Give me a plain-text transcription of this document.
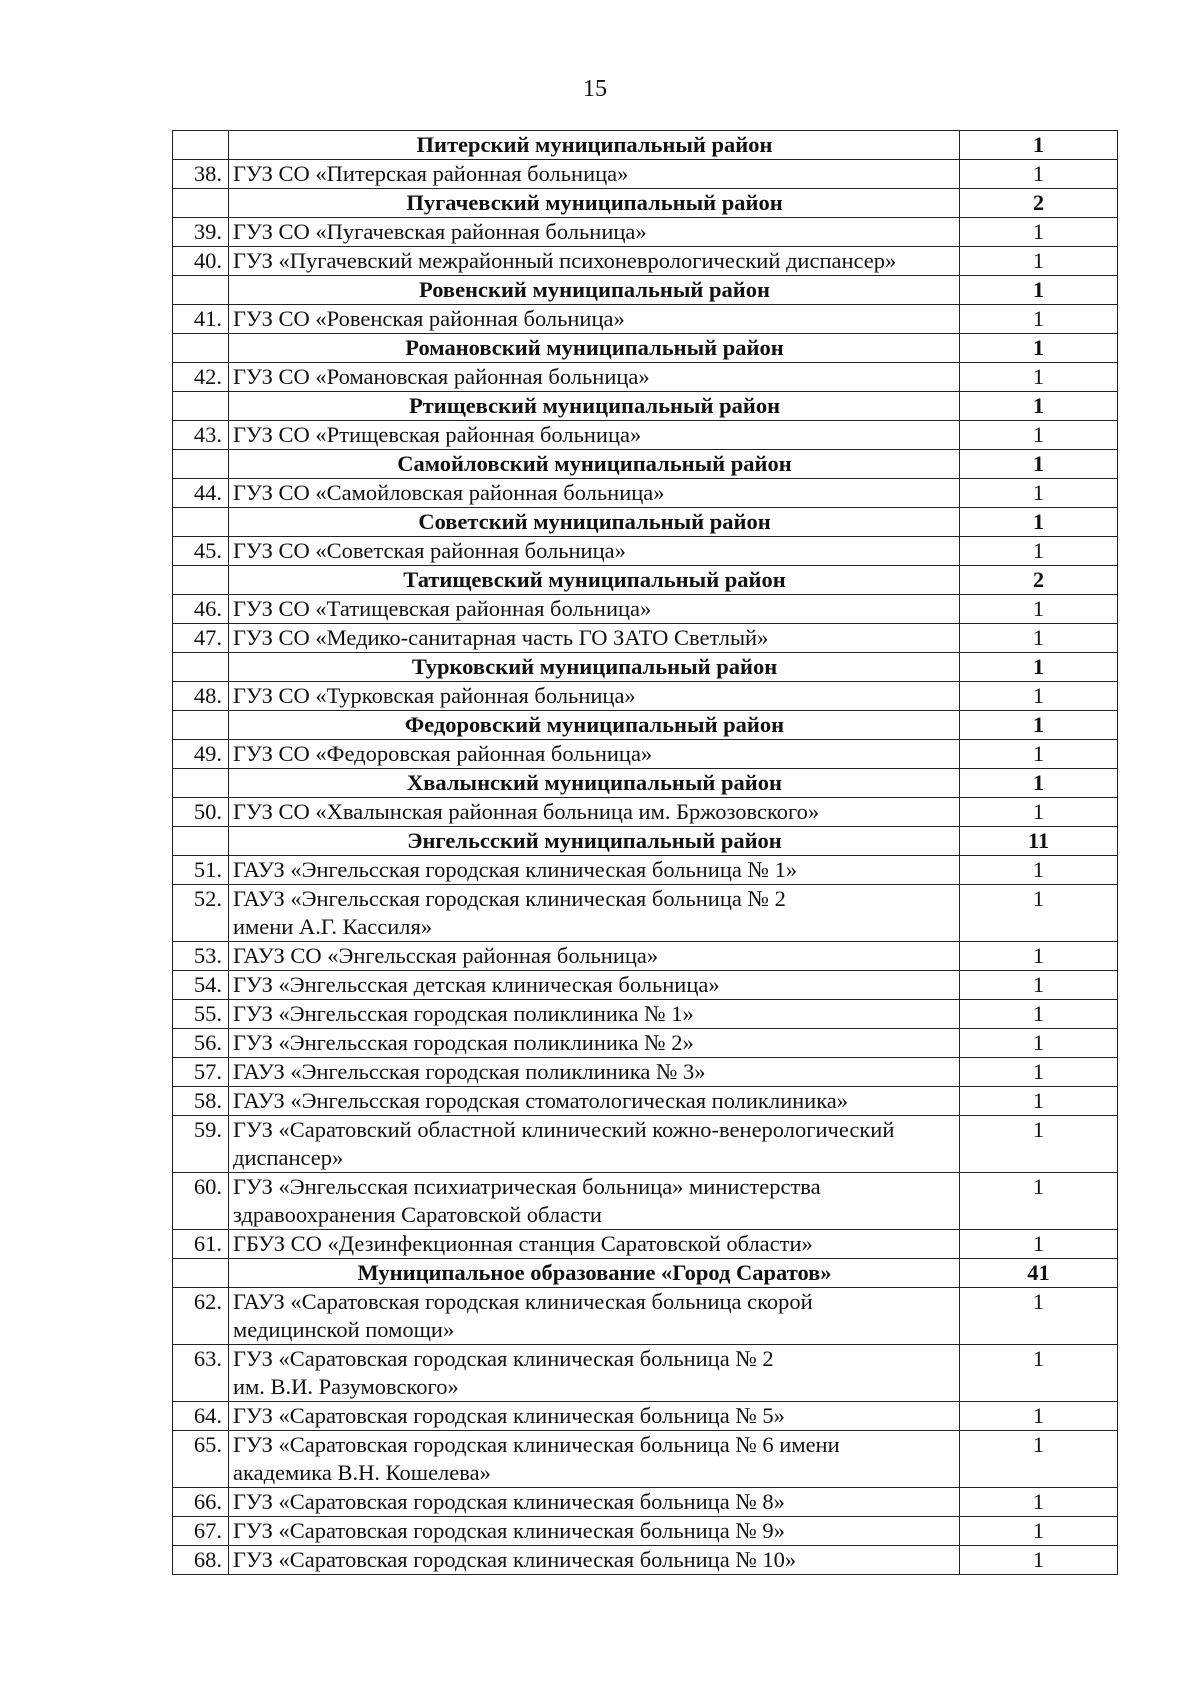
15
	Питерский муниципальный район	1
38.	ГУЗ СО «Питерская районная больница»	1
	Пугачевский муниципальный район	2
39.	ГУЗ СО «Пугачевская районная больница»	1
40.	ГУЗ «Пугачевский межрайонный психоневрологический диспансер»	1
	Ровенский муниципальный район	1
41.	ГУЗ СО «Ровенская районная больница»	1
	Романовский муниципальный район	1
42.	ГУЗ СО «Романовская районная больница»	1
	Ртищевский муниципальный район	1
43.	ГУЗ СО «Ртищевская районная больница»	1
	Самойловский муниципальный район	1
44.	ГУЗ СО «Самойловская районная больница»	1
	Советский муниципальный район	1
45.	ГУЗ СО «Советская районная больница»	1
	Татищевский муниципальный район	2
46.	ГУЗ СО «Татищевская районная больница»	1
47.	ГУЗ СО «Медико-санитарная часть ГО ЗАТО Светлый»	1
	Турковский муниципальный район	1
48.	ГУЗ СО «Турковская районная больница»	1
	Федоровский муниципальный район	1
49.	ГУЗ СО «Федоровская районная больница»	1
	Хвалынский муниципальный район	1
50.	ГУЗ СО «Хвалынская районная больница им. Бржозовского»	1
	Энгельсский муниципальный район	11
51.	ГАУЗ «Энгельсская городская клиническая больница № 1»	1
52.	ГАУЗ «Энгельсская городская клиническая больница № 2
имени А.Г. Кассиля»	1
53.	ГАУЗ СО «Энгельсская районная больница»	1
54.	ГУЗ «Энгельсская детская клиническая больница»	1
55.	ГУЗ «Энгельсская городская поликлиника № 1»	1
56.	ГУЗ «Энгельсская городская поликлиника № 2»	1
57.	ГАУЗ «Энгельсская городская поликлиника № 3»	1
58.	ГАУЗ «Энгельсская городская стоматологическая поликлиника»	1
59.	ГУЗ «Саратовский областной клинический кожно-венерологический
диспансер»	1
60.	ГУЗ «Энгельсская психиатрическая больница» министерства
здравоохранения Саратовской области	1
61.	ГБУЗ СО «Дезинфекционная станция Саратовской области»	1
	Муниципальное образование «Город Саратов»	41
62.	ГАУЗ «Саратовская городская клиническая больница скорой
медицинской помощи»	1
63.	ГУЗ «Саратовская городская клиническая больница № 2
им. В.И. Разумовского»	1
64.	ГУЗ «Саратовская городская клиническая больница № 5»	1
65.	ГУЗ «Саратовская городская клиническая больница № 6 имени
академика В.Н. Кошелева»	1
66.	ГУЗ «Саратовская городская клиническая больница № 8»	1
67.	ГУЗ «Саратовская городская клиническая больница № 9»	1
68.	ГУЗ «Саратовская городская клиническая больница № 10»	1
